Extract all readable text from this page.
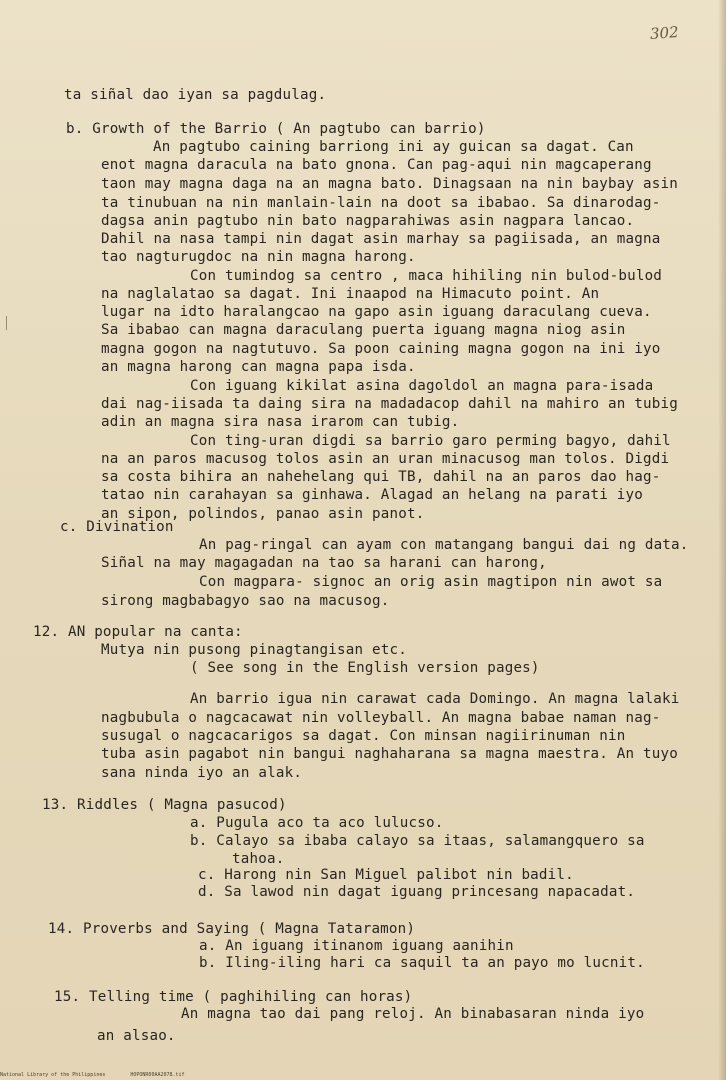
302
ta siñal dao iyan sa pagdulag.
b. Growth of the Barrio ( An pagtubo can barrio)
An pagtubo caining barriong ini ay guican sa dagat. Can
enot magna daracula na bato gnona. Can pag-aqui nin magcaperang
taon may magna daga na an magna bato. Dinagsaan na nin baybay asin
ta tinubuan na nin manlain-lain na doot sa ibabao. Sa dinarodag-
dagsa anin pagtubo nin bato nagparahiwas asin nagpara lancao.
Dahil na nasa tampi nin dagat asin marhay sa pagiisada, an magna
tao nagturugdoc na nin magna harong.
Con tumindog sa centro , maca hihiling nin bulod-bulod
na naglalatao sa dagat. Ini inaapod na Himacuto point. An
lugar na idto haralangcao na gapo asin iguang daraculang cueva.
Sa ibabao can magna daraculang puerta iguang magna niog asin
magna gogon na nagtutuvo. Sa poon caining magna gogon na ini iyo
an magna harong can magna papa isda.
Con iguang kikilat asina dagoldol an magna para-isada
dai nag-iisada ta daing sira na madadacop dahil na mahiro an tubig
adin an magna sira nasa irarom can tubig.
Con ting-uran digdi sa barrio garo perming bagyo, dahil
na an paros macusog tolos asin an uran minacusog man tolos. Digdi
sa costa bihira an nahehelang qui TB, dahil na an paros dao hag-
tatao nin carahayan sa ginhawa. Alagad an helang na parati iyo
an sipon, polindos, panao asin panot.
c. Divination
An pag-ringal can ayam con matangang bangui dai ng data.
Siñal na may magagadan na tao sa harani can harong,
Con magpara- signoc an orig asin magtipon nin awot sa
sirong magbabagyo sao na macusog.
12. AN popular na canta:
Mutya nin pusong pinagtangisan etc.
( See song in the English version pages)
An barrio igua nin carawat cada Domingo. An magna lalaki
nagbubula o nagcacawat nin volleyball. An magna babae naman nag-
susugal o nagcacarigos sa dagat. Con minsan nagiirinuman nin
tuba asin pagabot nin bangui naghaharana sa magna maestra. An tuyo
sana ninda iyo an alak.
13. Riddles ( Magna pasucod)
a. Pugula aco ta aco lulucso.
b. Calayo sa ibaba calayo sa itaas, salamangquero sa
tahoa.
c. Harong nin San Miguel palibot nin badil.
d. Sa lawod nin dagat iguang princesang napacadat.
14. Proverbs and Saying ( Magna Tataramon)
a. An iguang itinanom iguang aanihin
b. Iling-iling hari ca saquil ta an payo mo lucnit.
15. Telling time ( paghihiling can horas)
An magna tao dai pang reloj. An binabasaran ninda iyo
an alsao.
National Library of the Philippines	HOPONR00AA2078.tif
